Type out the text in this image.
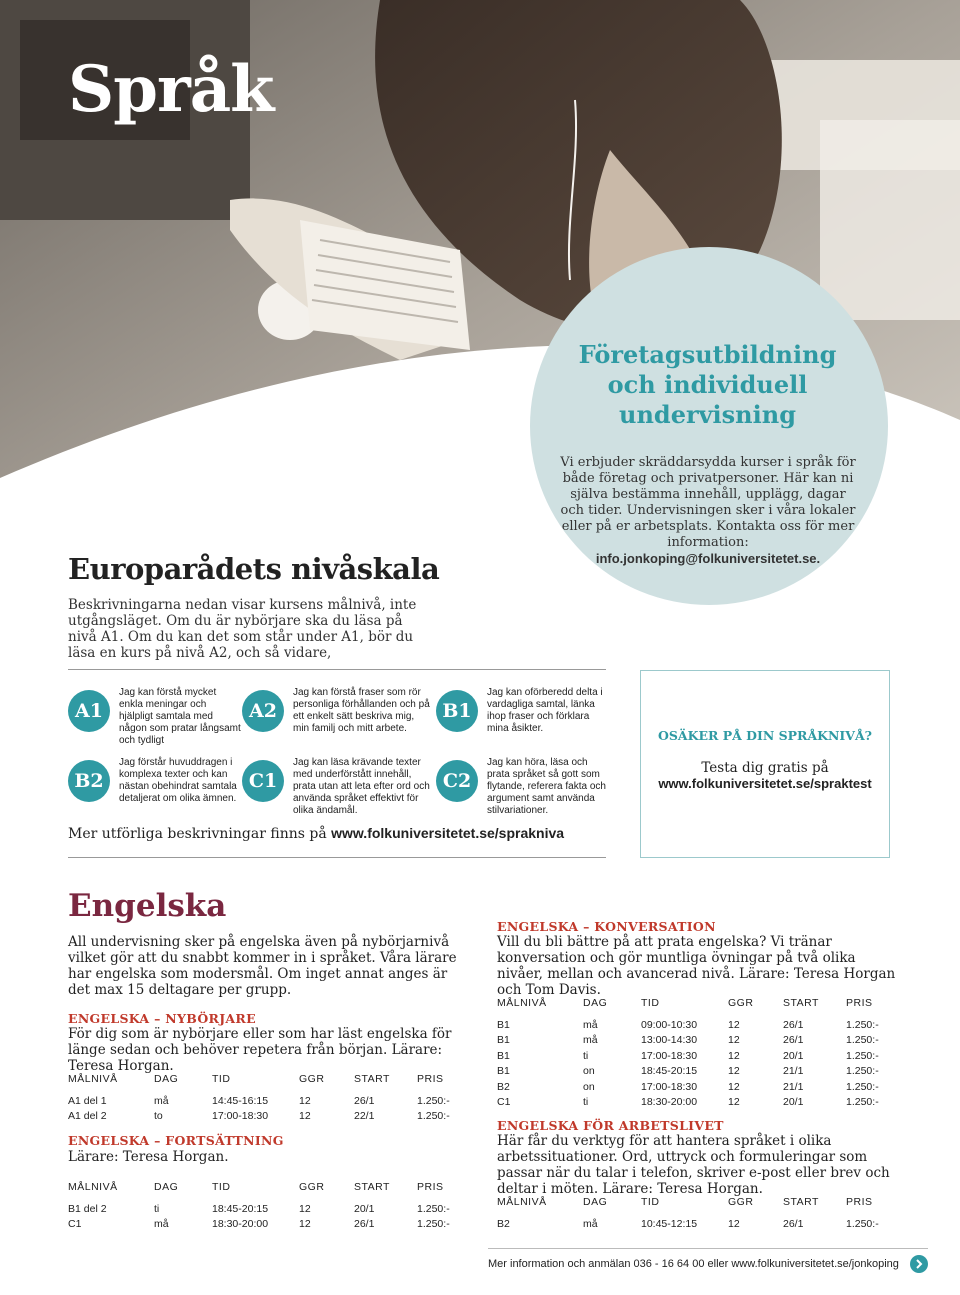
Språk
Företagsutbildning
och individuell
undervisning
Vi erbjuder skräddarsydda kurser i språk för både företag och privatpersoner. Här kan ni själva bestämma innehåll, upplägg, dagar och tider. Undervisningen sker i våra lokaler eller på er arbetsplats. Kontakta oss för mer information:
info.jonkoping@folkuniversitetet.se.
Europarådets nivåskala
Beskrivningarna nedan visar kursens målnivå, inte utgångsläget. Om du är nybörjare ska du läsa på nivå A1. Om du kan det som står under A1, bör du läsa en kurs på nivå A2, och så vidare,
A1
Jag kan förstå mycket enkla meningar och hjälpligt samtala med någon som pratar långsamt och tydligt
A2
Jag kan förstå fraser som rör personliga förhållanden och på ett enkelt sätt beskriva mig, min familj och mitt arbete.
B1
Jag kan oförberedd delta i vardagliga samtal, länka ihop fraser och förklara mina åsikter.
B2
Jag förstår huvuddragen i komplexa texter och kan nästan obehindrat samtala detaljerat om olika ämnen.
C1
Jag kan läsa krävande texter med underförstått innehåll, prata utan att leta efter ord och använda språket effektivt för olika ändamål.
C2
Jag kan höra, läsa och prata språket så gott som flytande, referera fakta och argument samt använda stilvariationer.
Mer utförliga beskrivningar finns på www.folkuniversitetet.se/sprakniva
OSÄKER PÅ DIN SPRÅKNIVÅ?
Testa dig gratis på
www.folkuniversitetet.se/spraktest
Engelska
All undervisning sker på engelska även på nybörjarnivå vilket gör att du snabbt kommer in i språket. Våra lärare har engelska som modersmål. Om inget annat anges är det max 15 deltagare per grupp.
ENGELSKA – NYBÖRJARE
För dig som är nybörjare eller som har läst engelska för länge sedan och behöver repetera från början. Lärare: Teresa Horgan.
MÅLNIVÅ	DAG	TID	GGR	START	PRIS
A1 del 1	må	14:45-16:15	12	26/1	1.250:-
A1 del 2	to	17:00-18:30	12	22/1	1.250:-
ENGELSKA – FORTSÄTTNING
Lärare: Teresa Horgan.
MÅLNIVÅ	DAG	TID	GGR	START	PRIS
B1 del 2	ti	18:45-20:15	12	20/1	1.250:-
C1	må	18:30-20:00	12	26/1	1.250:-
ENGELSKA – KONVERSATION
Vill du bli bättre på att prata engelska? Vi tränar konversation och gör muntliga övningar på två olika nivåer, mellan och avancerad nivå. Lärare: Teresa Horgan och Tom Davis.
MÅLNIVÅ	DAG	TID	GGR	START	PRIS
B1	må	09:00-10:30	12	26/1	1.250:-
B1	må	13:00-14:30	12	26/1	1.250:-
B1	ti	17:00-18:30	12	20/1	1.250:-
B1	on	18:45-20:15	12	21/1	1.250:-
B2	on	17:00-18:30	12	21/1	1.250:-
C1	ti	18:30-20:00	12	20/1	1.250:-
ENGELSKA FÖR ARBETSLIVET
Här får du verktyg för att hantera språket i olika arbetssituationer. Ord, uttryck och formuleringar som passar när du talar i telefon, skriver e-post eller brev och deltar i möten. Lärare: Teresa Horgan.
MÅLNIVÅ	DAG	TID	GGR	START	PRIS
B2	må	10:45-12:15	12	26/1	1.250:-
Mer information och anmälan 036 - 16 64 00 eller www.folkuniversitetet.se/jonkoping
